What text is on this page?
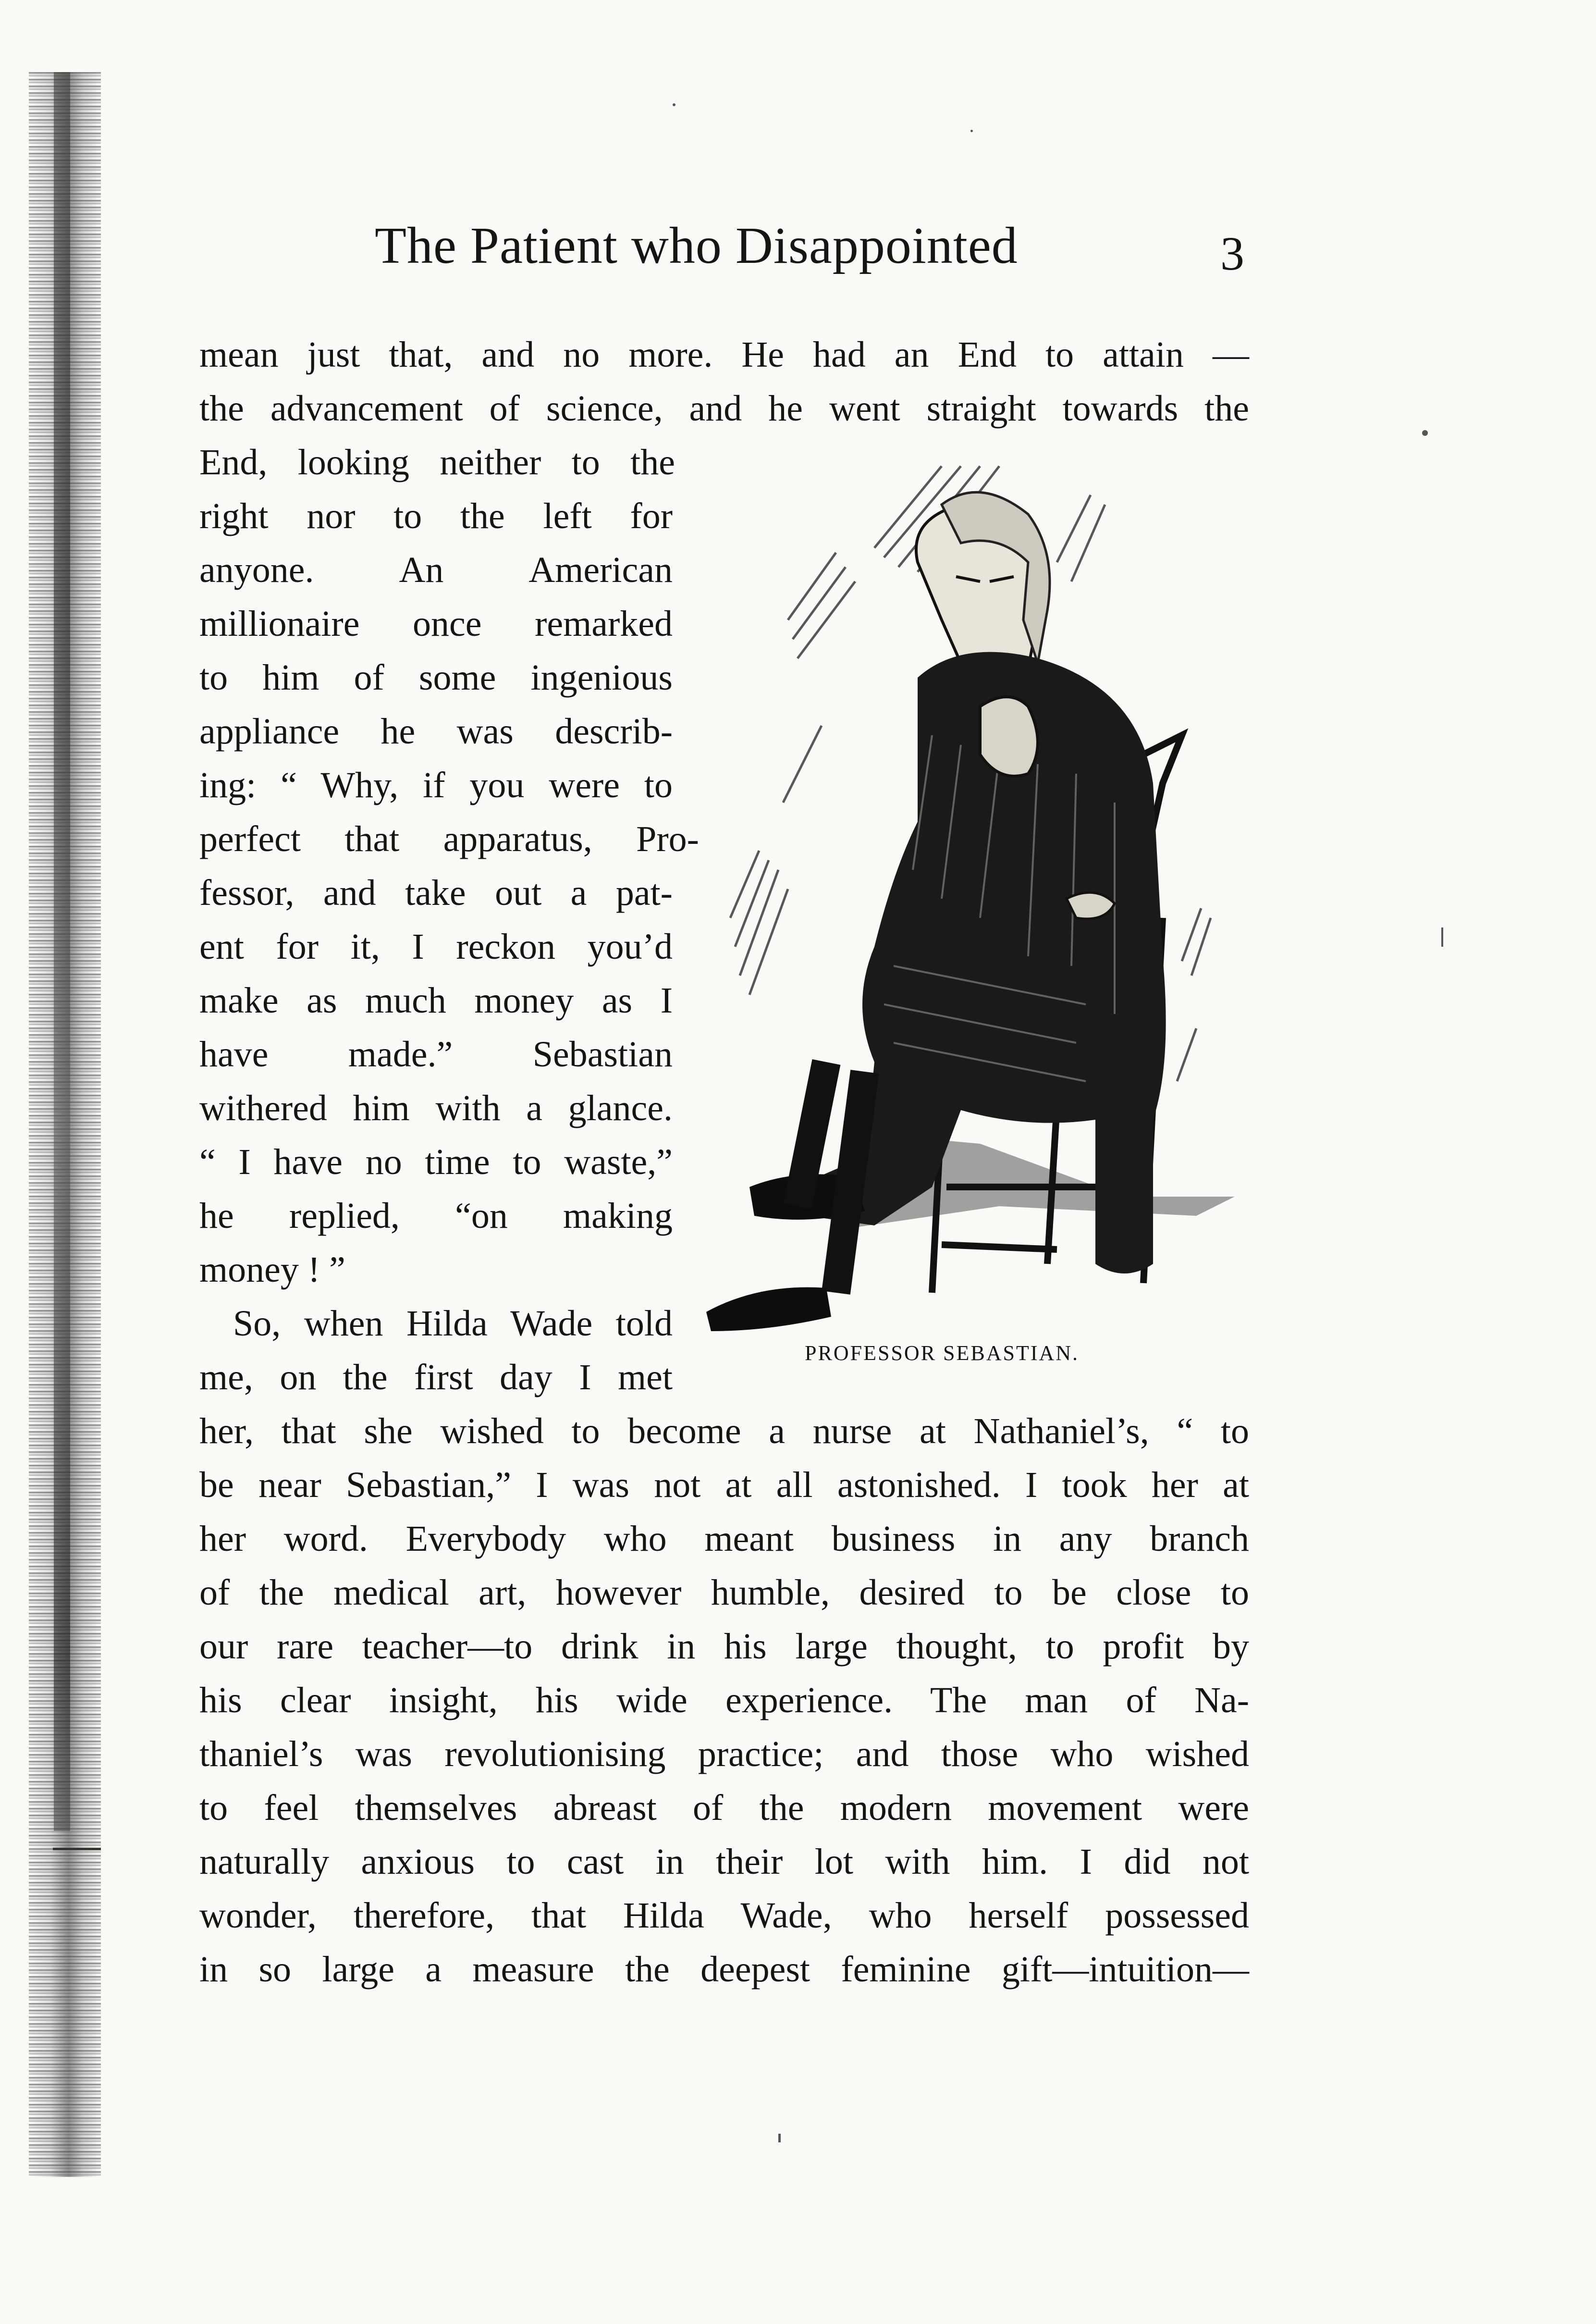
The Patient who Disappointed	3
mean just that, and no more. He had an End to attain —
the advancement of science, and he went straight towards the
End, looking neither to the
right nor to the left for
anyone. An American
millionaire once remarked
to him of some ingenious
appliance he was describ-
ing: “ Why, if you were to
perfect that apparatus, Pro-
fessor, and take out a pat-
ent for it, I reckon you’d
make as much money as I
have made.” Sebastian
withered him with a glance.
“ I have no time to waste,”
he replied, “on making
money ! ”
So, when Hilda Wade told
me, on the first day I met
her, that she wished to become a nurse at Nathaniel’s, “ to
be near Sebastian,” I was not at all astonished. I took her at
her word. Everybody who meant business in any branch
of the medical art, however humble, desired to be close to
our rare teacher—to drink in his large thought, to profit by
his clear insight, his wide experience. The man of Na-
thaniel’s was revolutionising practice; and those who wished
to feel themselves abreast of the modern movement were
naturally anxious to cast in their lot with him. I did not
wonder, therefore, that Hilda Wade, who herself possessed
in so large a measure the deepest feminine gift—intuition—
PROFESSOR SEBASTIAN.
